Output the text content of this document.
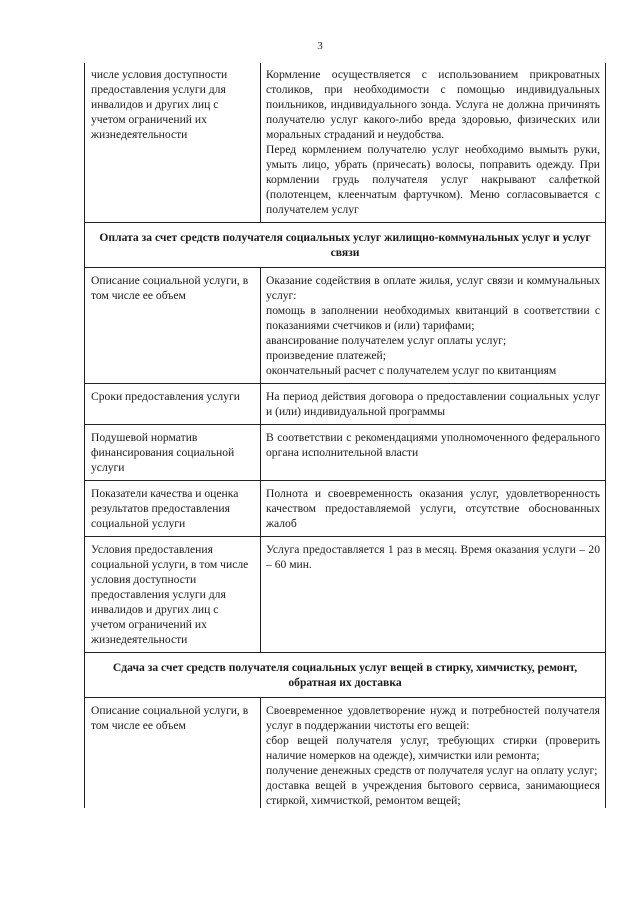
3
числе условия доступности предоставления услуги для инвалидов и других лиц с учетом ограничений их жизнедеятельности	Кормление осуществляется с использованием прикроватных столиков, при необходимости с помощью индивидуальных поильников, индивидуального зонда. Услуга не должна причинять получателю услуг какого-либо вреда здоровью, физических или моральных страданий и неудобства.
Перед кормлением получателю услуг необходимо вымыть руки, умыть лицо, убрать (причесать) волосы, поправить одежду. При кормлении грудь получателя услуг накрывают салфеткой (полотенцем, клеенчатым фартучком). Меню согласовывается с получателем услуг

Оплата за счет средств получателя социальных услуг жилищно-коммунальных услуг и услуг связи	
Описание социальной услуги, в том числе ее объем	Оказание содействия в оплате жилья, услуг связи и коммунальных услуг:
помощь в заполнении необходимых квитанций в соответствии с показаниями счетчиков и (или) тарифами;
авансирование получателем услуг оплаты услуг;
произведение платежей;
окончательный расчет с получателем услуг по квитанциям

Сроки предоставления услуги	На период действия договора о предоставлении социальных услуг и (или) индивидуальной программы

Подушевой норматив финансирования социальной услуги	В соответствии с рекомендациями уполномоченного федерального органа исполнительной власти

Показатели качества и оценка результатов предоставления социальной услуги	Полнота и своевременность оказания услуг, удовлетворенность качеством предоставляемой услуги, отсутствие обоснованных жалоб

Условия предоставления социальной услуги, в том числе условия доступности предоставления услуги для инвалидов и других лиц с учетом ограничений их жизнедеятельности	Услуга предоставляется 1 раз в месяц. Время оказания услуги – 20 – 60 мин.

Сдача за счет средств получателя социальных услуг вещей в стирку, химчистку, ремонт, обратная их доставка	
Описание социальной услуги, в том числе ее объем	Своевременное удовлетворение нужд и потребностей получателя услуг в поддержании чистоты его вещей:
сбор вещей получателя услуг, требующих стирки (проверить наличие номерков на одежде), химчистки или ремонта;
получение денежных средств от получателя услуг на оплату услуг;
доставка вещей в учреждения бытового сервиса, занимающиеся стиркой, химчисткой, ремонтом вещей;
